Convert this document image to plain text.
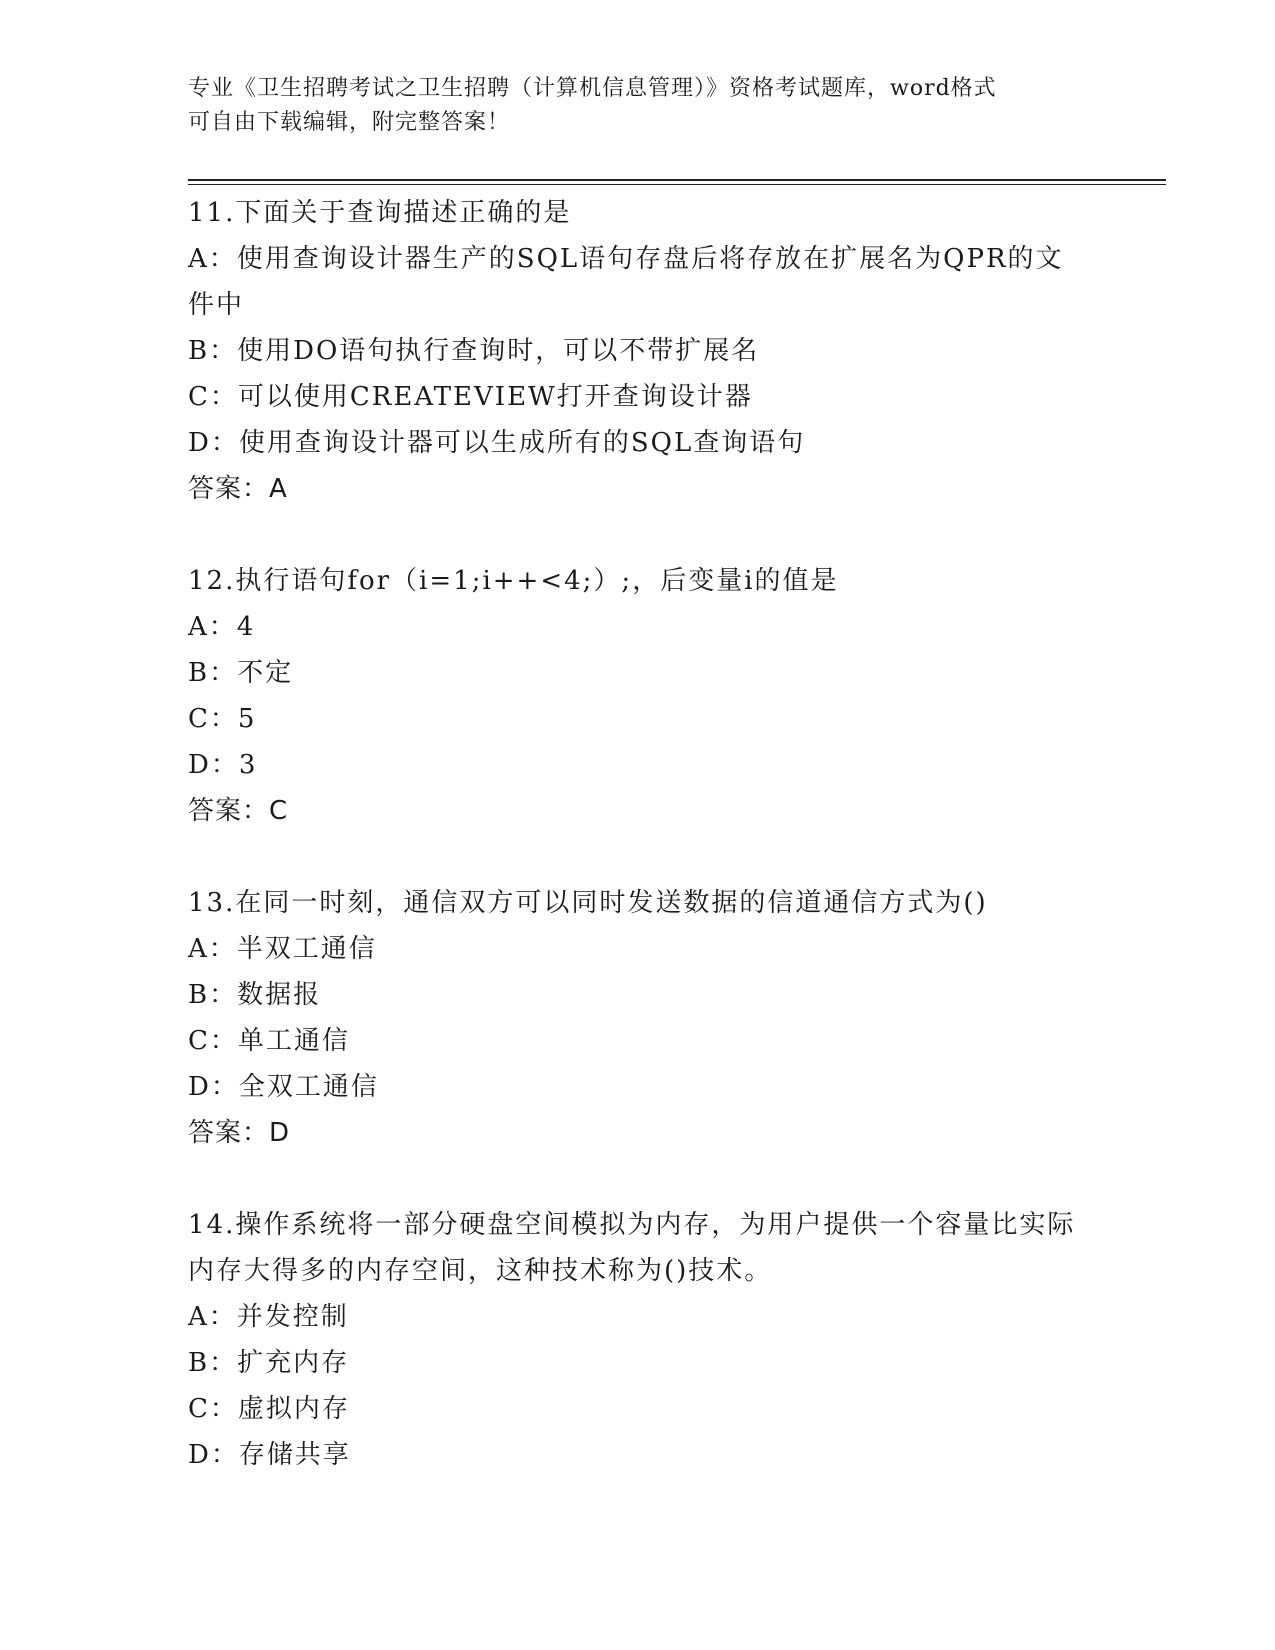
专业《卫生招聘考试之卫生招聘（计算机信息管理）》资格考试题库，word格式
可自由下载编辑，附完整答案！
11.下面关于查询描述正确的是
A：使用查询设计器生产的SQL语句存盘后将存放在扩展名为QPR的文件中
B：使用DO语句执行查询时，可以不带扩展名
C：可以使用CREATEVIEW打开查询设计器
D：使用查询设计器可以生成所有的SQL查询语句
答案：A
12.执行语句for（i=1;i++<4;）;，后变量i的值是
A：4
B：不定
C：5
D：3
答案：C
13.在同一时刻，通信双方可以同时发送数据的信道通信方式为()
A：半双工通信
B：数据报
C：单工通信
D：全双工通信
答案：D
14.操作系统将一部分硬盘空间模拟为内存，为用户提供一个容量比实际内存大得多的内存空间，这种技术称为()技术。
A：并发控制
B：扩充内存
C：虚拟内存
D：存储共享
